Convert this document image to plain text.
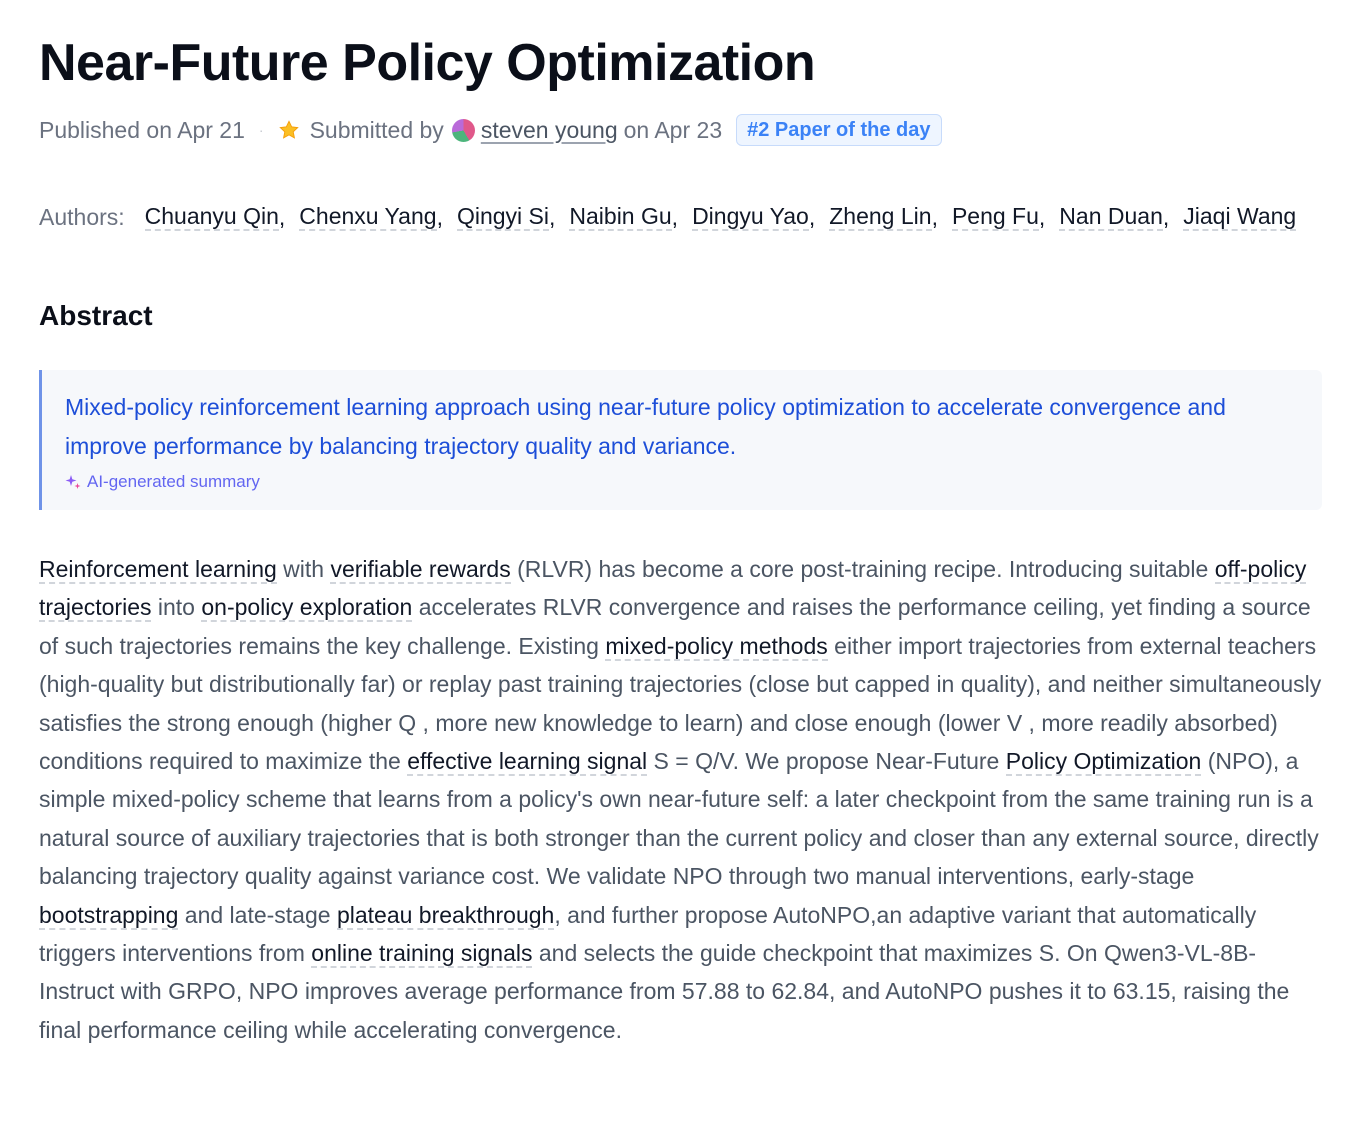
Near-Future Policy Optimization
Published on Apr 21 · Submitted by steven young on Apr 23	#2 Paper of the day
Authors: Chuanyu Qin , Chenxu Yang , Qingyi Si , Naibin Gu , Dingyu Yao , Zheng Lin , Peng Fu , Nan Duan , Jiaqi Wang
Abstract
Mixed-policy reinforcement learning approach using near-future policy optimization to accelerate convergence and improve performance by balancing trajectory quality and variance.
AI-generated summary
Reinforcement learning with verifiable rewards (RLVR) has become a core post-training recipe. Introducing suitable off-policy trajectories into on-policy exploration accelerates RLVR convergence and raises the performance ceiling, yet finding a source of such trajectories remains the key challenge. Existing mixed-policy methods either import trajectories from external teachers (high-quality but distributionally far) or replay past training trajectories (close but capped in quality), and neither simultaneously satisfies the strong enough (higher Q , more new knowledge to learn) and close enough (lower V , more readily absorbed) conditions required to maximize the effective learning signal S = Q/V. We propose Near-Future Policy Optimization (NPO), a simple mixed-policy scheme that learns from a policy's own near-future self: a later checkpoint from the same training run is a natural source of auxiliary trajectories that is both stronger than the current policy and closer than any external source, directly balancing trajectory quality against variance cost. We validate NPO through two manual interventions, early-stage bootstrapping and late-stage plateau breakthrough, and further propose AutoNPO,an adaptive variant that automatically triggers interventions from online training signals and selects the guide checkpoint that maximizes S. On Qwen3-VL-8B-Instruct with GRPO, NPO improves average performance from 57.88 to 62.84, and AutoNPO pushes it to 63.15, raising the final performance ceiling while accelerating convergence.
